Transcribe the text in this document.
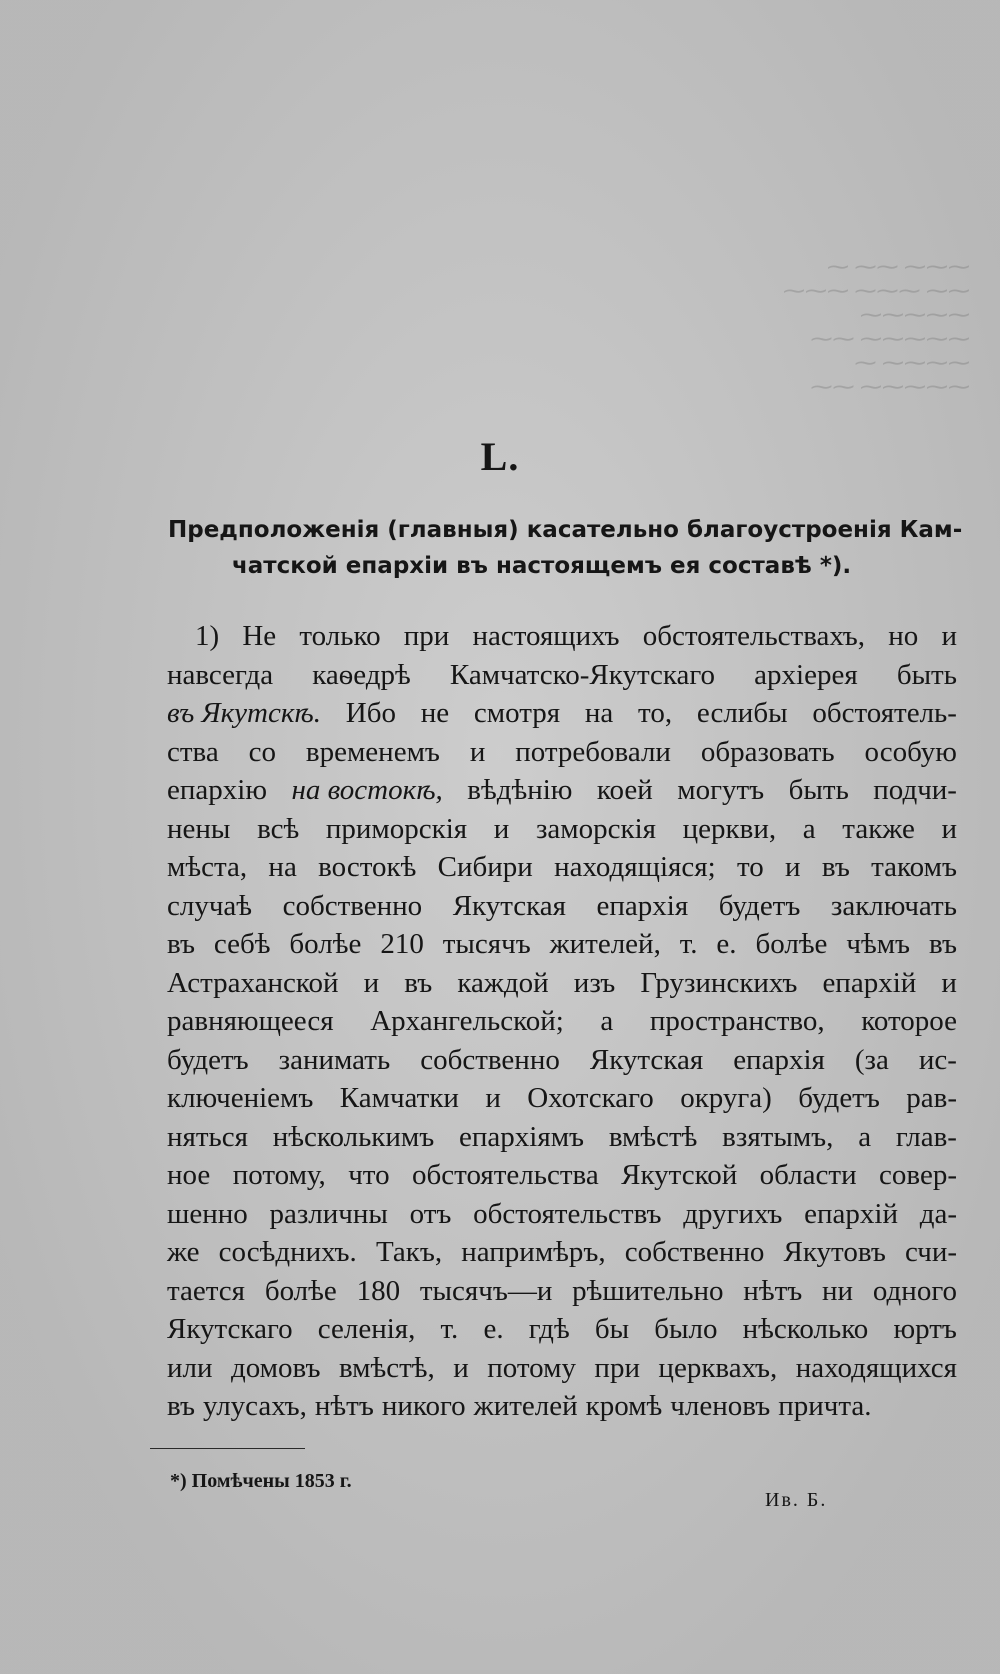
⁓ ⁓⁓ ⁓⁓⁓
⁓⁓⁓ ⁓⁓⁓ ⁓⁓
⁓⁓⁓⁓⁓
⁓⁓ ⁓⁓⁓⁓⁓
⁓ ⁓⁓⁓⁓
⁓⁓ ⁓⁓⁓⁓⁓
L.
Предположенія (главныя) касательно благоустроенія Кам-
чатской епархіи въ настоящемъ ея составѣ *).
1) Не только при настоящихъ обстоятельствахъ, но и
навсегда каѳедрѣ Камчатско-Якутскаго архіерея быть
въ Якутскѣ. Ибо не смотря на то, еслибы обстоятель-
ства со временемъ и потребовали образовать особую
епархію на востокѣ, вѣдѣнію коей могутъ быть подчи-
нены всѣ приморскія и заморскія церкви, а также и
мѣста, на востокѣ Сибири находящіяся; то и въ такомъ
случаѣ собственно Якутская епархія будетъ заключать
въ себѣ болѣе 210 тысячъ жителей, т. е. болѣе чѣмъ въ
Астраханской и въ каждой изъ Грузинскихъ епархій и
равняющееся Архангельской; а пространство, которое
будетъ занимать собственно Якутская епархія (за ис-
ключеніемъ Камчатки и Охотскаго округа) будетъ рав-
няться нѣсколькимъ епархіямъ вмѣстѣ взятымъ, а глав-
ное потому, что обстоятельства Якутской области совер-
шенно различны отъ обстоятельствъ другихъ епархій да-
же сосѣднихъ. Такъ, напримѣръ, собственно Якутовъ счи-
тается болѣе 180 тысячъ—и рѣшительно нѣтъ ни одного
Якутскаго селенія, т. е. гдѣ бы было нѣсколько юртъ
или домовъ вмѣстѣ, и потому при церквахъ, находящихся
въ улусахъ, нѣтъ никого жителей кромѣ членовъ причта.
*) Помѣчены 1853 г.
Ив. Б.
